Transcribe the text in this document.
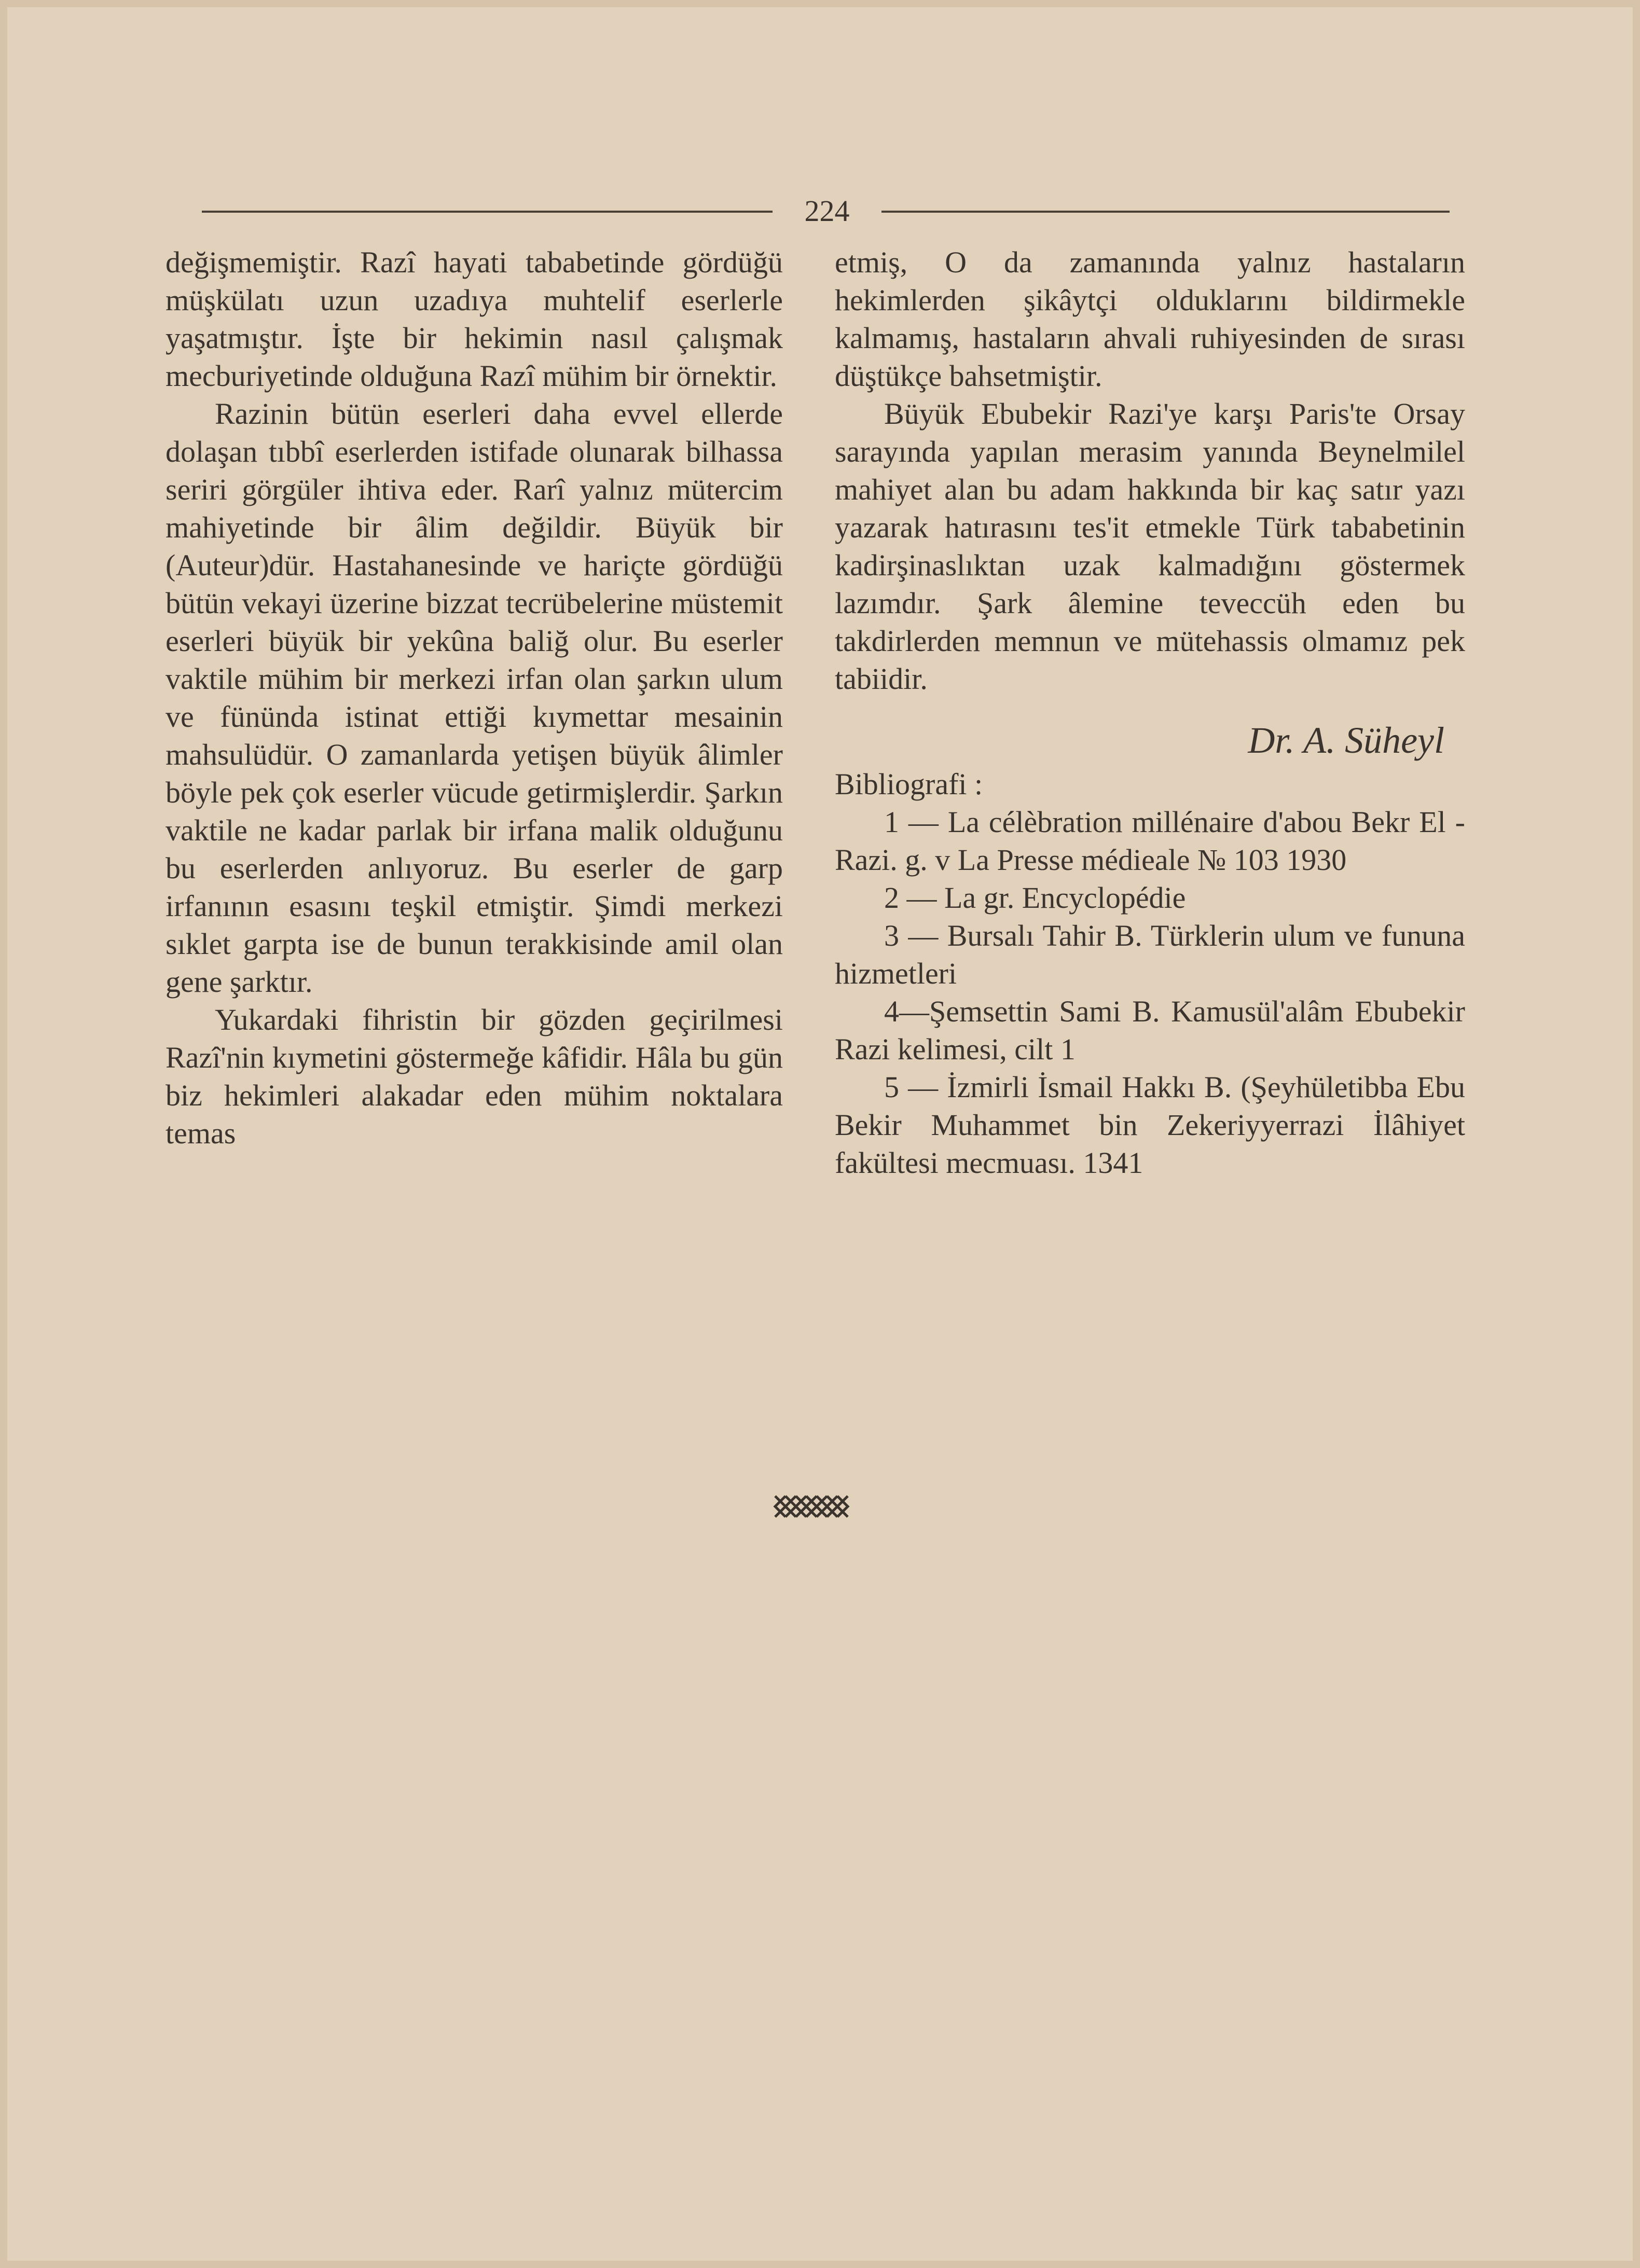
224

değişmemiştir. Razî hayati tababetinde gördüğü müşkülatı uzun uzadıya muhtelif eserlerle yaşatmıştır. İşte bir hekimin nasıl çalışmak mecburiyetinde olduğuna Razî mühim bir örnektir.

Razinin bütün eserleri daha evvel ellerde dolaşan tıbbî eserlerden istifade olunarak bilhassa seriri görgüler ihtiva eder. Rarî yalnız mütercim mahiyetinde bir âlim değildir. Büyük bir (Auteur)dür. Hastahanesinde ve hariçte gördüğü bütün vekayi üzerine bizzat tecrübelerine müstemit eserleri büyük bir yekûna baliğ olur. Bu eserler vaktile mühim bir merkezi irfan olan şarkın ulum ve fününda istinat ettiği kıymettar mesainin mahsulüdür. O zamanlarda yetişen büyük âlimler böyle pek çok eserler vücude getirmişlerdir. Şarkın vaktile ne kadar parlak bir irfana malik olduğunu bu eserlerden anlıyoruz. Bu eserler de garp irfanının esasını teşkil etmiştir. Şimdi merkezi sıklet garpta ise de bunun terakkisinde amil olan gene şarktır.

Yukardaki fihristin bir gözden geçirilmesi Razî'nin kıymetini göstermeğe kâfidir. Hâla bu gün biz hekimleri alakadar eden mühim noktalara temas

etmiş, O da zamanında yalnız hastaların hekimlerden şikâytçi olduklarını bildirmekle kalmamış, hastaların ahvali ruhiyesinden de sırası düştükçe bahsetmiştir.

Büyük Ebubekir Razi'ye karşı Paris'te Orsay sarayında yapılan merasim yanında Beynelmilel mahiyet alan bu adam hakkında bir kaç satır yazı yazarak hatırasını tes'it etmekle Türk tababetinin kadirşinaslıktan uzak kalmadığını göstermek lazımdır. Şark âlemine teveccüh eden bu takdirlerden memnun ve mütehassis olmamız pek tabiidir.

Dr. A. Süheyl

Bibliografi :

1 — La célèbration millénaire d'abou Bekr El - Razi. g. v La Presse médieale № 103 1930

2 — La gr. Encyclopédie

3 — Bursalı Tahir B. Türklerin ulum ve fununa hizmetleri

4—Şemsettin Sami B. Kamusül'alâm Ebubekir Razi kelimesi, cilt 1

5 — İzmirli İsmail Hakkı B. (Şeyhületibba Ebu Bekir Muhammet bin Zekeriyyerrazi İlâhiyet fakültesi mecmuası. 1341
